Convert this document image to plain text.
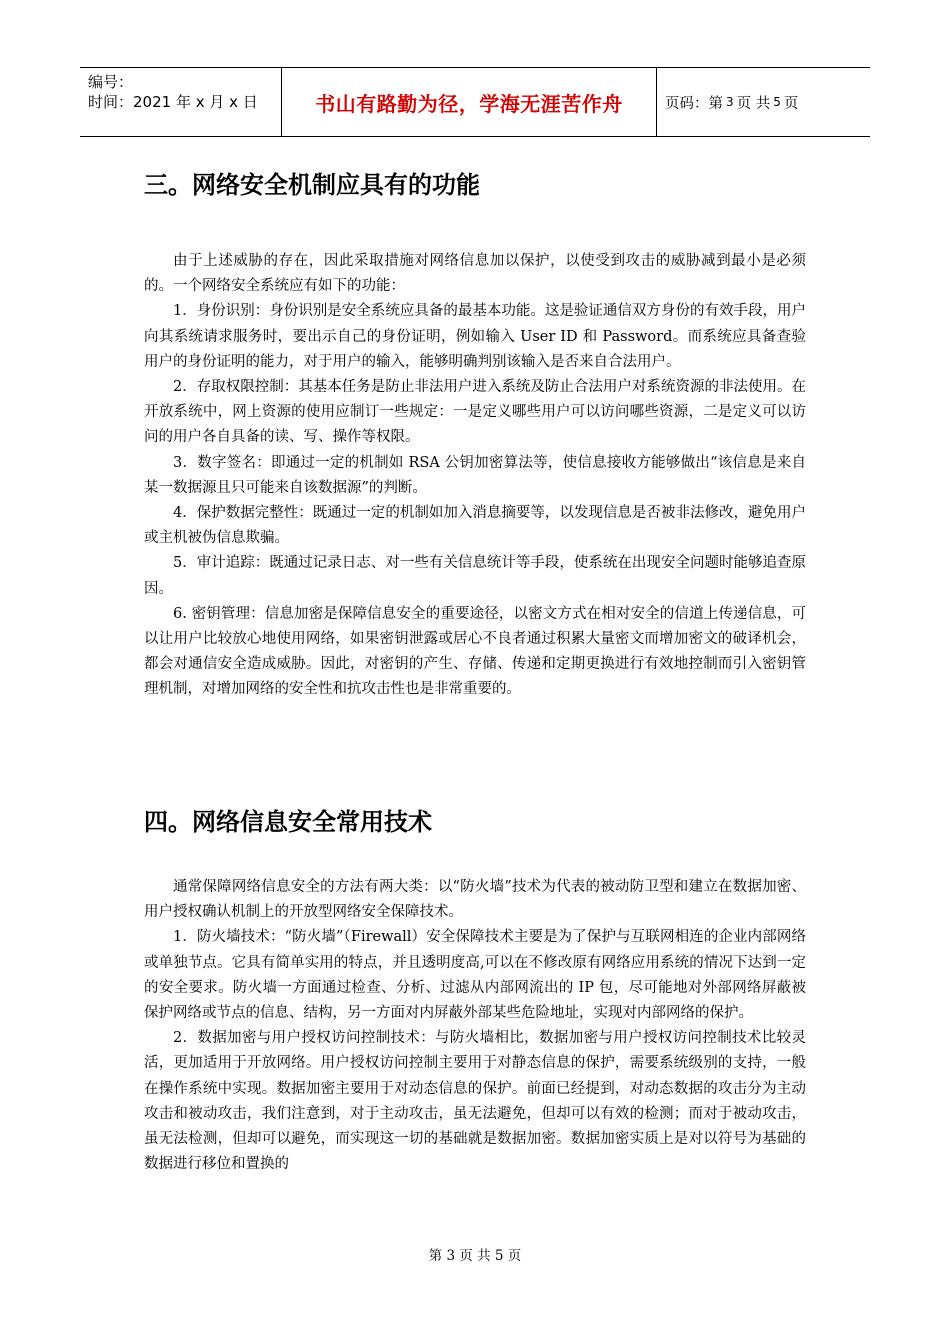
编号：
时间：2021 年 x 月 x 日	书山有路勤为径，学海无涯苦作舟	页码：第 3 页 共 5 页
三。网络安全机制应具有的功能

由于上述威胁的存在，因此采取措施对网络信息加以保护，以使受到攻击的威胁减到最小是必须的。一个网络安全系统应有如下的功能：

1．身份识别：身份识别是安全系统应具备的最基本功能。这是验证通信双方身份的有效手段，用户向其系统请求服务时，要出示自己的身份证明，例如输入 User ID 和 Password。而系统应具备查验用户的身份证明的能力，对于用户的输入，能够明确判别该输入是否来自合法用户。

2．存取权限控制：其基本任务是防止非法用户进入系统及防止合法用户对系统资源的非法使用。在开放系统中，网上资源的使用应制订一些规定：一是定义哪些用户可以访问哪些资源，二是定义可以访问的用户各自具备的读、写、操作等权限。

3．数字签名：即通过一定的机制如 RSA 公钥加密算法等，使信息接收方能够做出“该信息是来自某一数据源且只可能来自该数据源”的判断。

4．保护数据完整性：既通过一定的机制如加入消息摘要等，以发现信息是否被非法修改，避免用户或主机被伪信息欺骗。

5．审计追踪：既通过记录日志、对一些有关信息统计等手段，使系统在出现安全问题时能够追查原因。

6. 密钥管理：信息加密是保障信息安全的重要途径，以密文方式在相对安全的信道上传递信息，可以让用户比较放心地使用网络，如果密钥泄露或居心不良者通过积累大量密文而增加密文的破译机会，都会对通信安全造成威胁。因此，对密钥的产生、存储、传递和定期更换进行有效地控制而引入密钥管理机制，对增加网络的安全性和抗攻击性也是非常重要的。

四。网络信息安全常用技术

通常保障网络信息安全的方法有两大类：以“防火墙”技术为代表的被动防卫型和建立在数据加密、用户授权确认机制上的开放型网络安全保障技术。

1．防火墙技术：“防火墙”（Firewall）安全保障技术主要是为了保护与互联网相连的企业内部网络或单独节点。它具有简单实用的特点，并且透明度高,可以在不修改原有网络应用系统的情况下达到一定的安全要求。防火墙一方面通过检查、分析、过滤从内部网流出的 IP 包，尽可能地对外部网络屏蔽被保护网络或节点的信息、结构，另一方面对内屏蔽外部某些危险地址，实现对内部网络的保护。

2．数据加密与用户授权访问控制技术：与防火墙相比，数据加密与用户授权访问控制技术比较灵活，更加适用于开放网络。用户授权访问控制主要用于对静态信息的保护，需要系统级别的支持，一般在操作系统中实现。数据加密主要用于对动态信息的保护。前面已经提到，对动态数据的攻击分为主动攻击和被动攻击，我们注意到，对于主动攻击，虽无法避免，但却可以有效的检测；而对于被动攻击，虽无法检测，但却可以避免，而实现这一切的基础就是数据加密。数据加密实质上是对以符号为基础的数据进行移位和置换的

第 3 页 共 5 页
